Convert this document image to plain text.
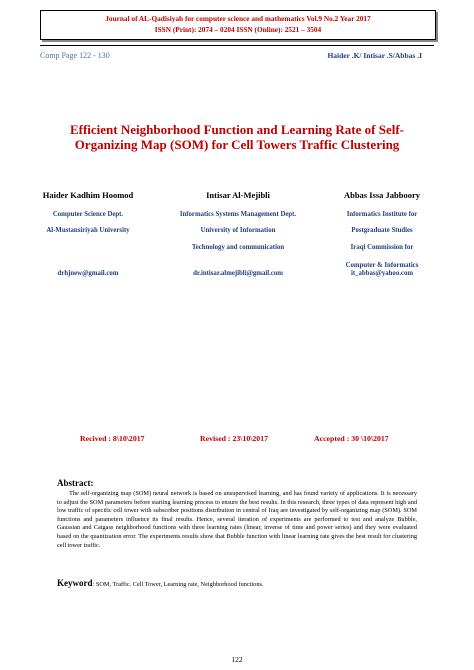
Journal of AL-Qadisiyah for computer science and mathematics Vol.9 No.2 Year 2017
ISSN (Print): 2074 – 0204 ISSN (Online): 2521 – 3504
Comp Page 122 - 130	Haider .K/ Intisar .S/Abbas .I
Efficient Neighborhood Function and Learning Rate of Self-Organizing Map (SOM) for Cell Towers Traffic Clustering
Haider Kadhim Hoomod
Computer Science Dept.
Al-Mustansiriyah University
drhjnew@gmail.com
Intisar Al-Mejibli
Informatics Systems Management Dept.
University of Information
Technology and communication
dr.intisar.almejibli@gmail.com
Abbas Issa Jabboory
Informatics Institute for
Postgraduate Studies
Iraqi Commission for
Computer & Informatics
it_abbas@yahoo.com
Recived : 8\10\2017	Revised : 23\10\2017	Accepted : 30 \10\2017
Abstract:
The self-organizing map (SOM) neural network is based on unsupervised learning, and has found variety of applications. It is necessary to adjust the SOM parameters before starting learning process to ensure the best results. In this research, three types of data represent high and low traffic of specific cell tower with subscriber positions distribution in central of Iraq are investigated by self-organizing map (SOM). SOM functions and parameters influence its final results. Hence, several iteration of experiments are performed to test and analyze Bubble, Gaussian and Catgass neighborhood functions with three learning rates (linear, inverse of time and power series) and they were evaluated based on the quantization error. The experiments results show that Bubble function with linear learning rate gives the best result for clustering cell tower traffic.
Keyword: SOM, Traffic. Cell Tower, Learning rate, Neighborhood functions.
122
